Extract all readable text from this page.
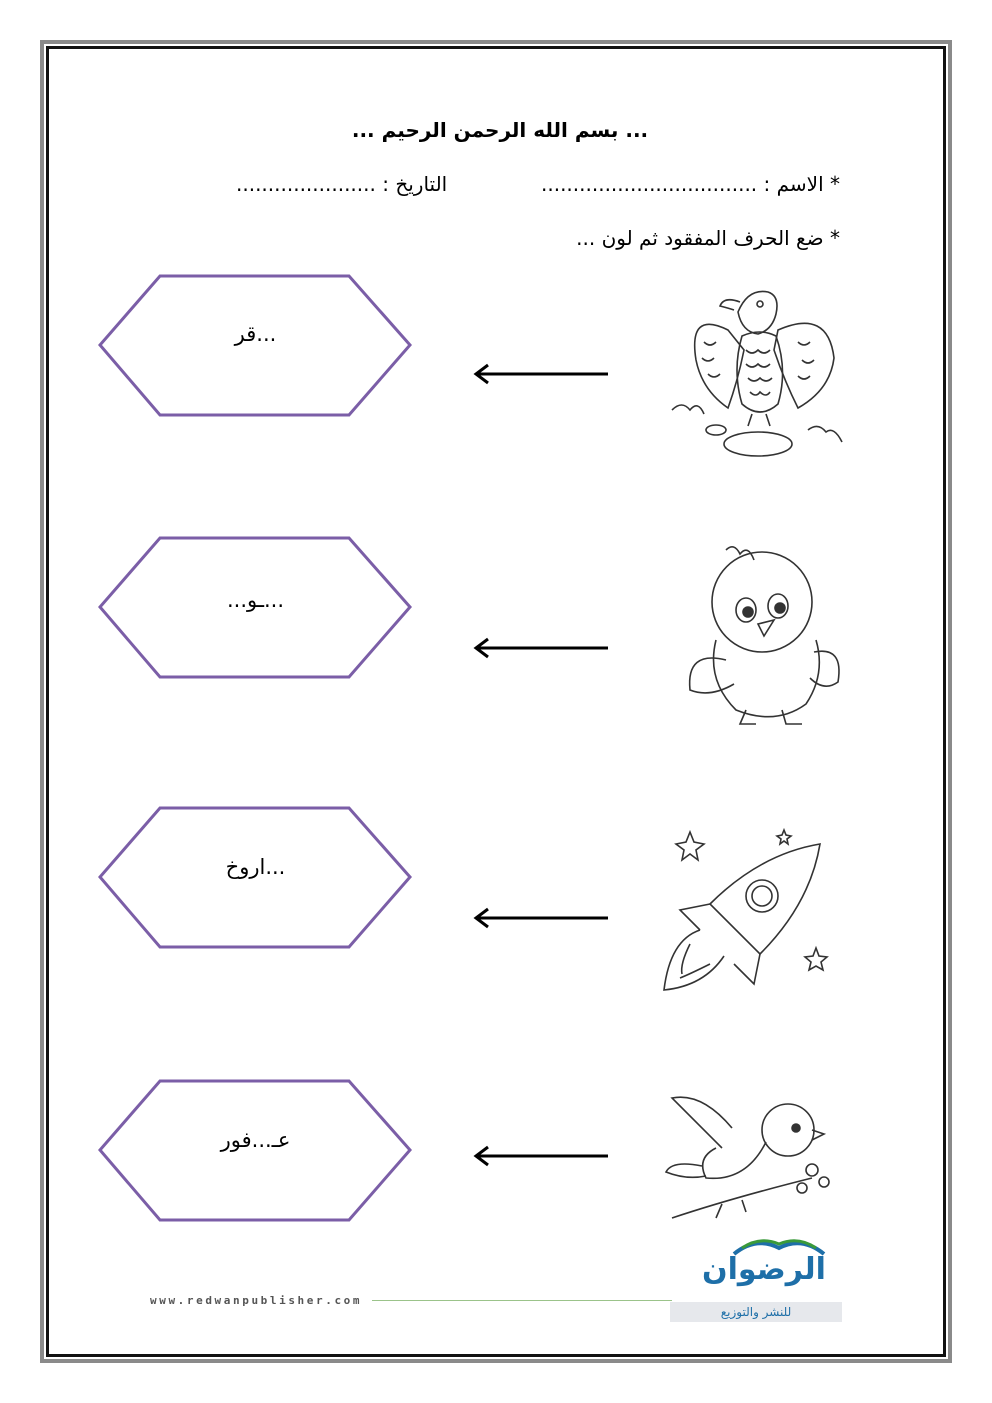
... بسم الله الرحمن الرحيم ...
* الاسم : ..................................
التاريخ : ......................
* ضع الحرف المفقود ثم لون ...
...قر
...ـو...
...اروخ
عـ...فور
www.redwanpublisher.com
الرضوان
للنشر والتوزيع
